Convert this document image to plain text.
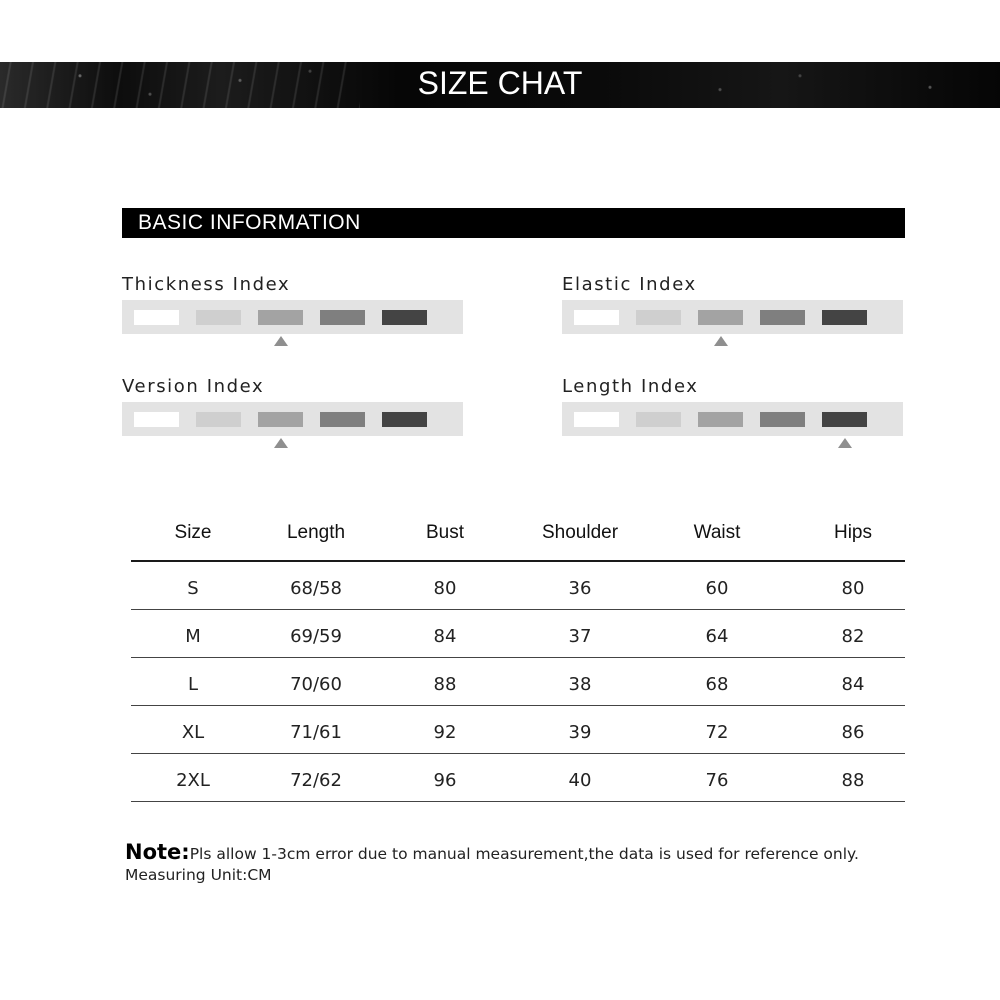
SIZE CHAT
BASIC INFORMATION
Thickness Index	Elastic Index
Version Index	Length Index
Size	Length	Bust	Shoulder	Waist	Hips
S	68/58	80	36	60	80
M	69/59	84	37	64	82
L	70/60	88	38	68	84
XL	71/61	92	39	72	86
2XL	72/62	96	40	76	88
Note:Pls allow 1-3cm error due to manual measurement,the data is used for reference only.
Measuring Unit:CM
